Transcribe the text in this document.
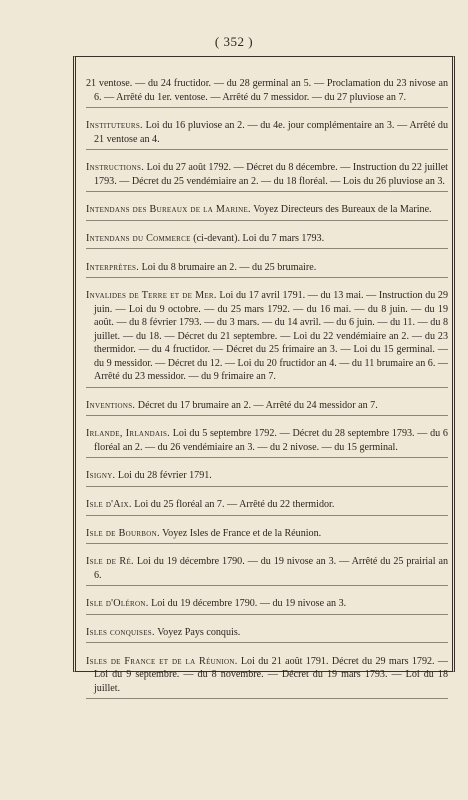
( 352 )

21 ventose. — du 24 fructidor. — du 28 germinal an 5. — Proclamation du 23 nivose an 6. — Arrêté du 1er. ventose. — Arrêté du 7 messidor. — du 27 pluviose an 7.

Instituteurs. Loi du 16 pluviose an 2. — du 4e. jour complémentaire an 3. — Arrêté du 21 ventose an 4.

Instructions. Loi du 27 août 1792. — Décret du 8 décembre. — Instruction du 22 juillet 1793. — Décret du 25 vendémiaire an 2. — du 18 floréal. — Lois du 26 pluviose an 3.

Intendans des Bureaux de la Marine. Voyez Directeurs des Bureaux de la Marine.

Intendans du Commerce (ci-devant). Loi du 7 mars 1793.

Interprètes. Loi du 8 brumaire an 2. — du 25 brumaire.

Invalides de Terre et de Mer. Loi du 17 avril 1791. — du 13 mai. — Instruction du 29 juin. — Loi du 9 octobre. — du 25 mars 1792. — du 16 mai. — du 8 juin. — du 19 août. — du 8 février 1793. — du 3 mars. — du 14 avril. — du 6 juin. — du 11. — du 8 juillet. — du 18. — Décret du 21 septembre. — Loi du 22 vendémiaire an 2. — du 23 thermidor. — du 4 fructidor. — Décret du 25 frimaire an 3. — Loi du 15 germinal. — du 9 messidor. — Décret du 12. — Loi du 20 fructidor an 4. — du 11 brumaire an 6. — Arrêté du 23 messidor. — du 9 frimaire an 7.

Inventions. Décret du 17 brumaire an 2. — Arrêté du 24 messidor an 7.

Irlande, Irlandais. Loi du 5 septembre 1792. — Décret du 28 septembre 1793. — du 6 floréal an 2. — du 26 vendémiaire an 3. — du 2 nivose. — du 15 germinal.

Isigny. Loi du 28 février 1791.

Isle d'Aix. Loi du 25 floréal an 7. — Arrêté du 22 thermidor.

Isle de Bourbon. Voyez Isles de France et de la Réunion.

Isle de Ré. Loi du 19 décembre 1790. — du 19 nivose an 3. — Arrêté du 25 prairial an 6.

Isle d'Oléron. Loi du 19 décembre 1790. — du 19 nivose an 3.

Isles conquises. Voyez Pays conquis.

Isles de France et de la Réunion. Loi du 21 août 1791. Décret du 29 mars 1792. — Loi du 9 septembre. — du 8 novembre. — Décret du 19 mars 1793. — Loi du 18 juillet.
